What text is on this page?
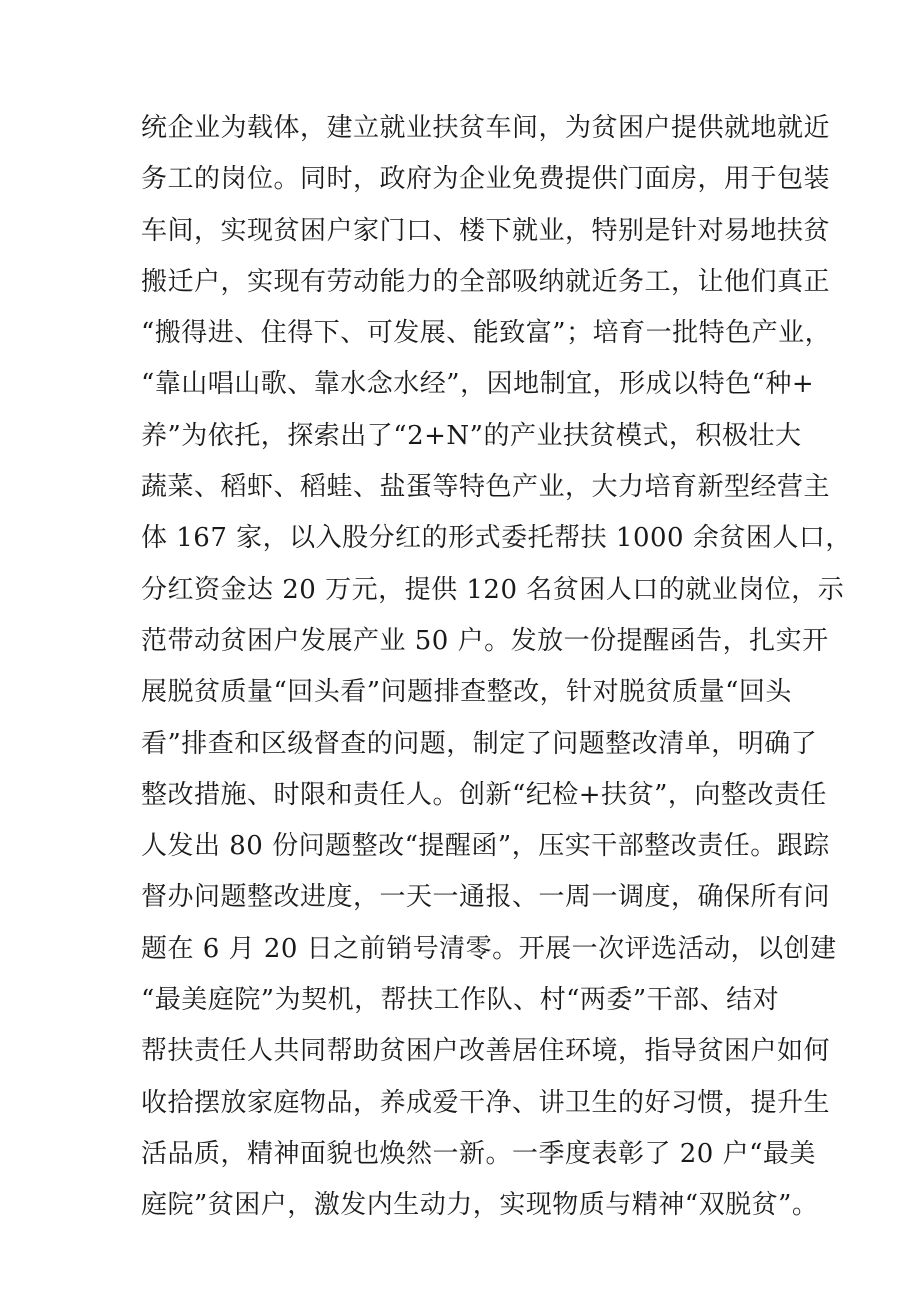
统企业为载体，建立就业扶贫车间，为贫困户提供就地就近
务工的岗位。同时，政府为企业免费提供门面房，用于包装
车间，实现贫困户家门口、楼下就业，特别是针对易地扶贫
搬迁户，实现有劳动能力的全部吸纳就近务工，让他们真正
“搬得进、住得下、可发展、能致富”；培育一批特色产业，
“靠山唱山歌、靠水念水经”，因地制宜，形成以特色“种+
养”为依托，探索出了“2+N”的产业扶贫模式，积极壮大
蔬菜、稻虾、稻蛙、盐蛋等特色产业，大力培育新型经营主
体 167 家，以入股分红的形式委托帮扶 1000 余贫困人口，
分红资金达 20 万元，提供 120 名贫困人口的就业岗位，示
范带动贫困户发展产业 50 户。发放一份提醒函告，扎实开
展脱贫质量“回头看”问题排查整改，针对脱贫质量“回头
看”排查和区级督查的问题，制定了问题整改清单，明确了
整改措施、时限和责任人。创新“纪检+扶贫”，向整改责任
人发出 80 份问题整改“提醒函”，压实干部整改责任。跟踪
督办问题整改进度，一天一通报、一周一调度，确保所有问
题在 6 月 20 日之前销号清零。开展一次评选活动，以创建
“最美庭院”为契机，帮扶工作队、村“两委”干部、结对
帮扶责任人共同帮助贫困户改善居住环境，指导贫困户如何
收拾摆放家庭物品，养成爱干净、讲卫生的好习惯，提升生
活品质，精神面貌也焕然一新。一季度表彰了 20 户“最美
庭院”贫困户，激发内生动力，实现物质与精神“双脱贫”。
